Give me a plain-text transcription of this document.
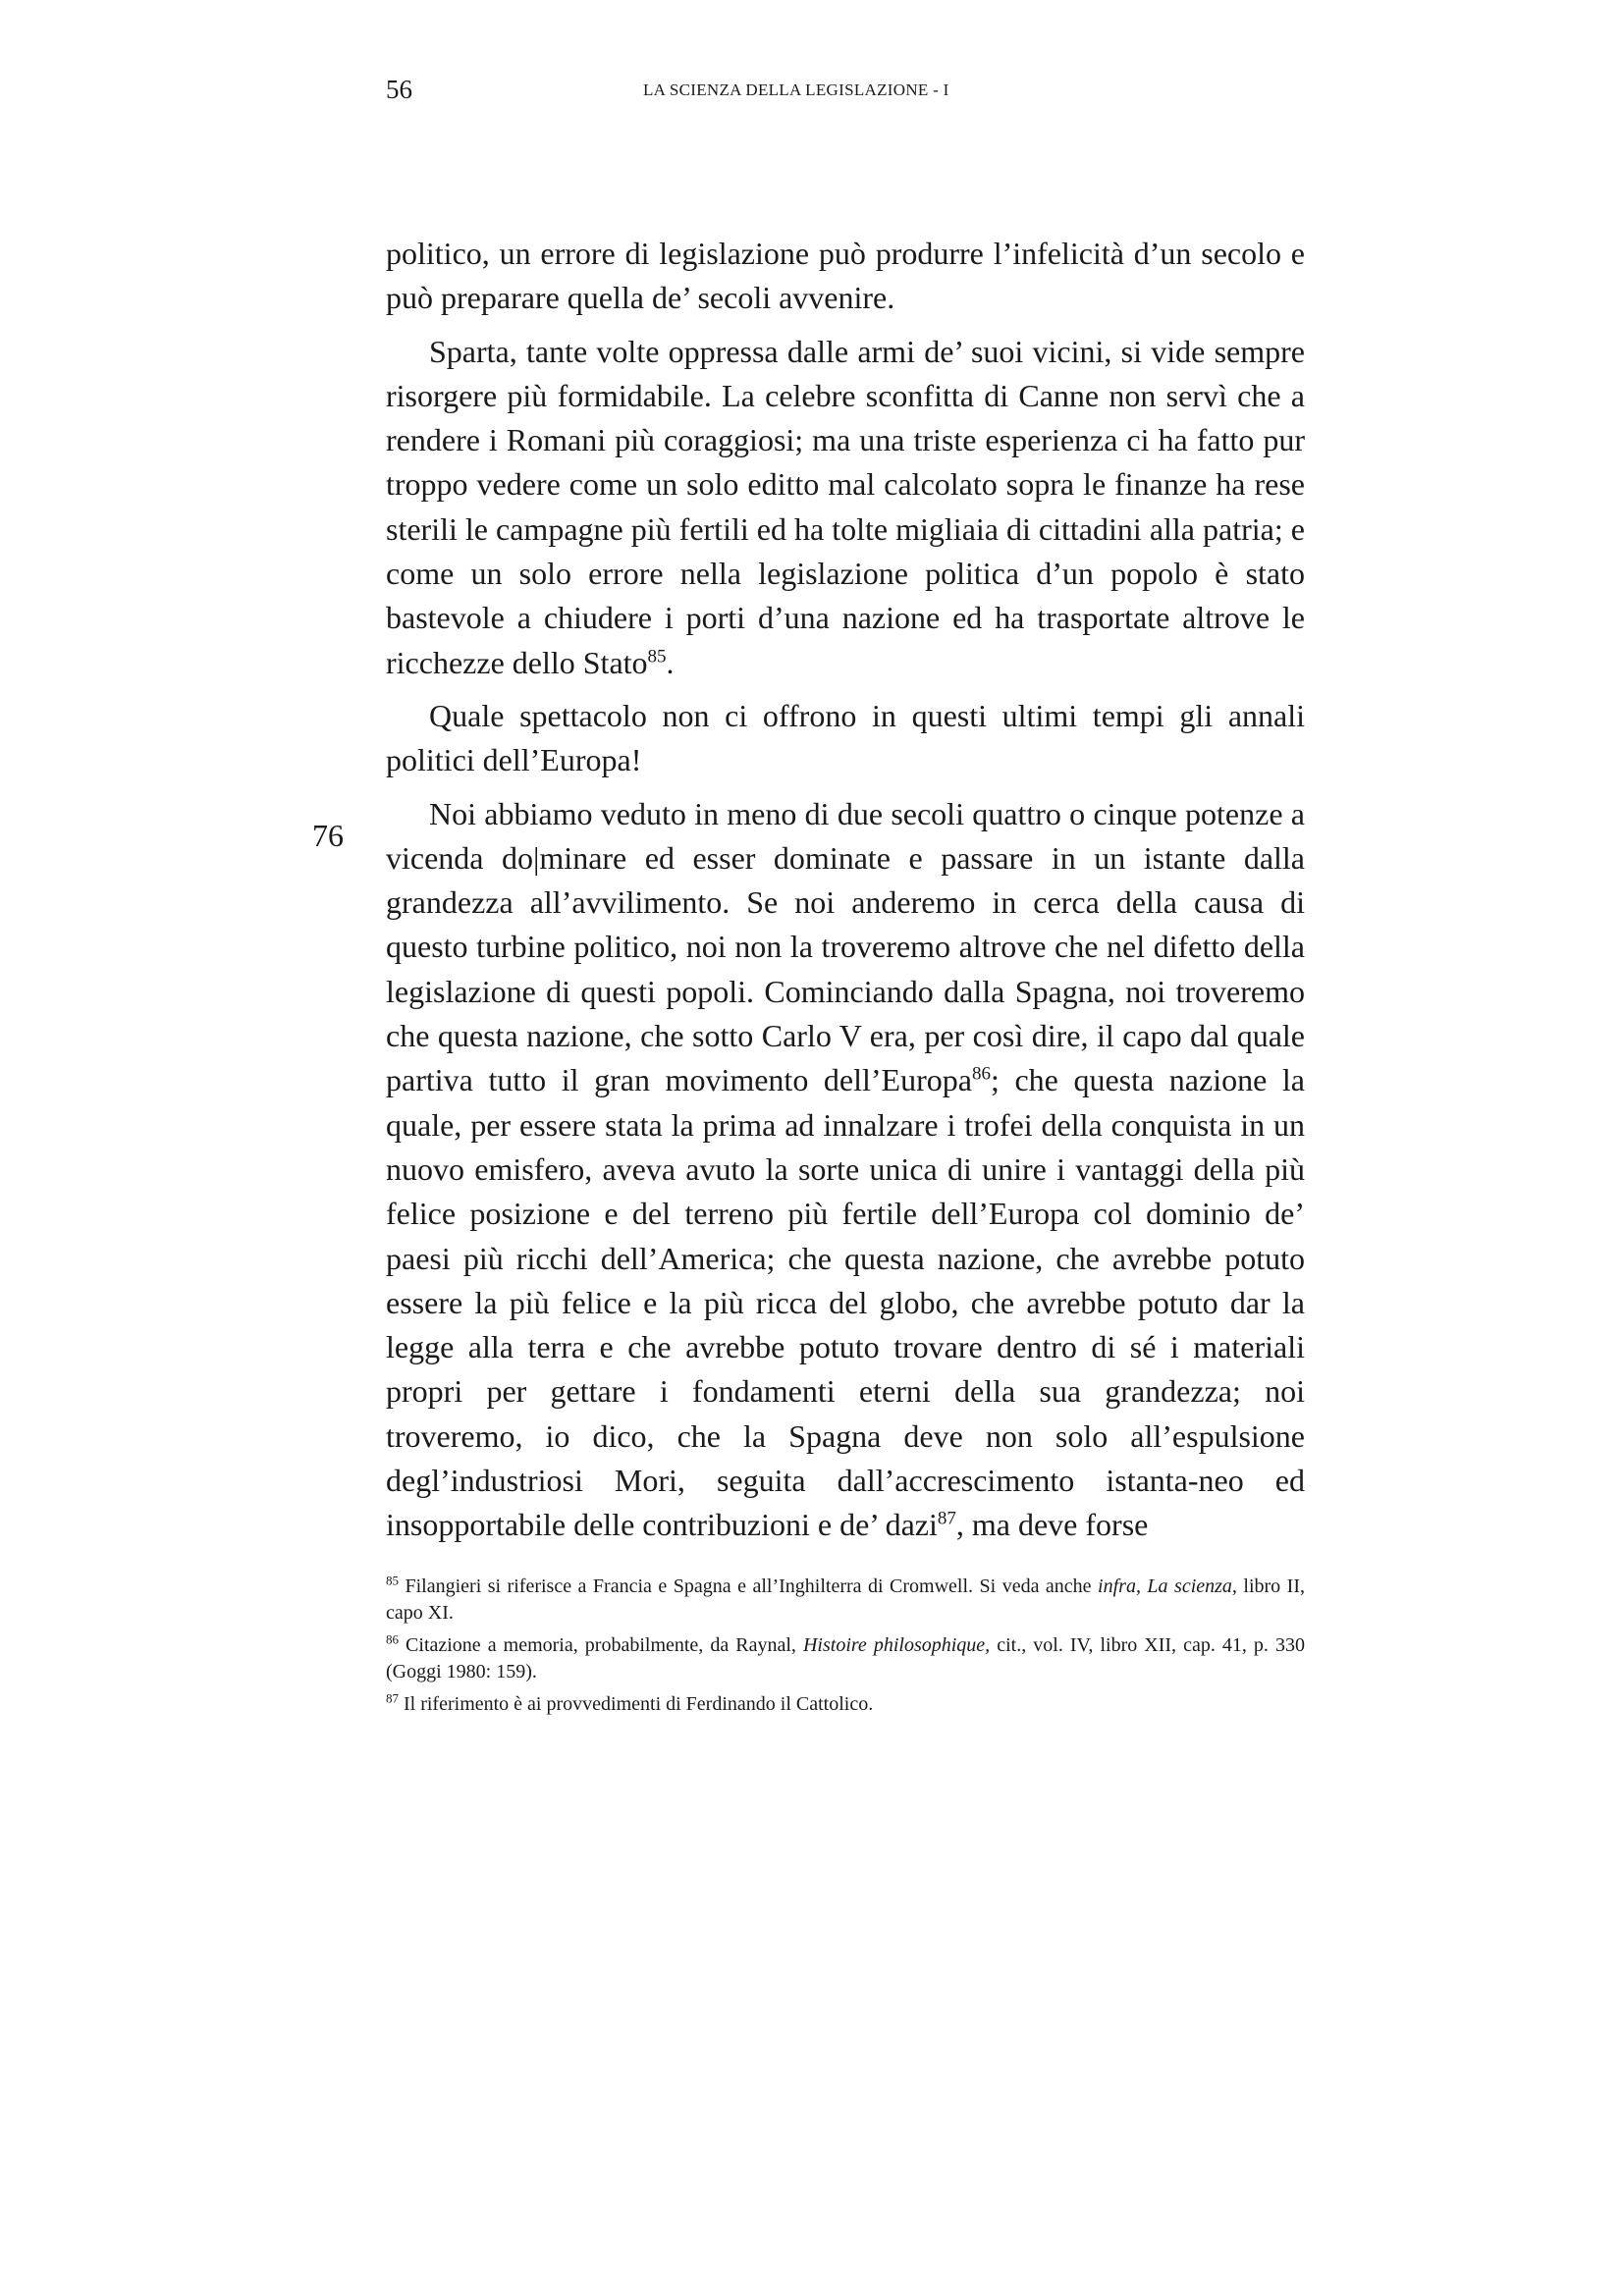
56	LA SCIENZA DELLA LEGISLAZIONE - I
76

politico, un errore di legislazione può produrre l’infelicità d’un secolo e può preparare quella de’ secoli avvenire.

Sparta, tante volte oppressa dalle armi de’ suoi vicini, si vide sempre risorgere più formidabile. La celebre sconfitta di Canne non servì che a rendere i Romani più coraggiosi; ma una triste esperienza ci ha fatto pur troppo vedere come un solo editto mal calcolato sopra le finanze ha rese sterili le campagne più fertili ed ha tolte migliaia di cittadini alla patria; e come un solo errore nella legislazione politica d’un popolo è stato bastevole a chiudere i porti d’una nazione ed ha trasportate altrove le ricchezze dello Stato$^{85}$.

Quale spettacolo non ci offrono in questi ultimi tempi gli annali politici dell’Europa!

Noi abbiamo veduto in meno di due secoli quattro o cinque potenze a vicenda do|minare ed esser dominate e passare in un istante dalla grandezza all’avvilimento. Se noi anderemo in cerca della causa di questo turbine politico, noi non la troveremo altrove che nel difetto della legislazione di questi popoli. Cominciando dalla Spagna, noi troveremo che questa nazione, che sotto Carlo V era, per così dire, il capo dal quale partiva tutto il gran movimento dell’Europa$^{86}$; che questa nazione la quale, per essere stata la prima ad innalzare i trofei della conquista in un nuovo emisfero, aveva avuto la sorte unica di unire i vantaggi della più felice posizione e del terreno più fertile dell’Europa col dominio de’ paesi più ricchi dell’America; che questa nazione, che avrebbe potuto essere la più felice e la più ricca del globo, che avrebbe potuto dar la legge alla terra e che avrebbe potuto trovare dentro di sé i materiali propri per gettare i fondamenti eterni della sua grandezza; noi troveremo, io dico, che la Spagna deve non solo all’espulsione degl’industriosi Mori, seguita dall’accrescimento istanta-neo ed insopportabile delle contribuzioni e de’ dazi$^{87}$, ma deve forse

$^{85}$ Filangieri si riferisce a Francia e Spagna e all’Inghilterra di Cromwell. Si veda anche infra, La scienza, libro II, capo XI.

$^{86}$ Citazione a memoria, probabilmente, da Raynal, Histoire philosophique, cit., vol. IV, libro XII, cap. 41, p. 330 (Goggi 1980: 159).

$^{87}$ Il riferimento è ai provvedimenti di Ferdinando il Cattolico.
